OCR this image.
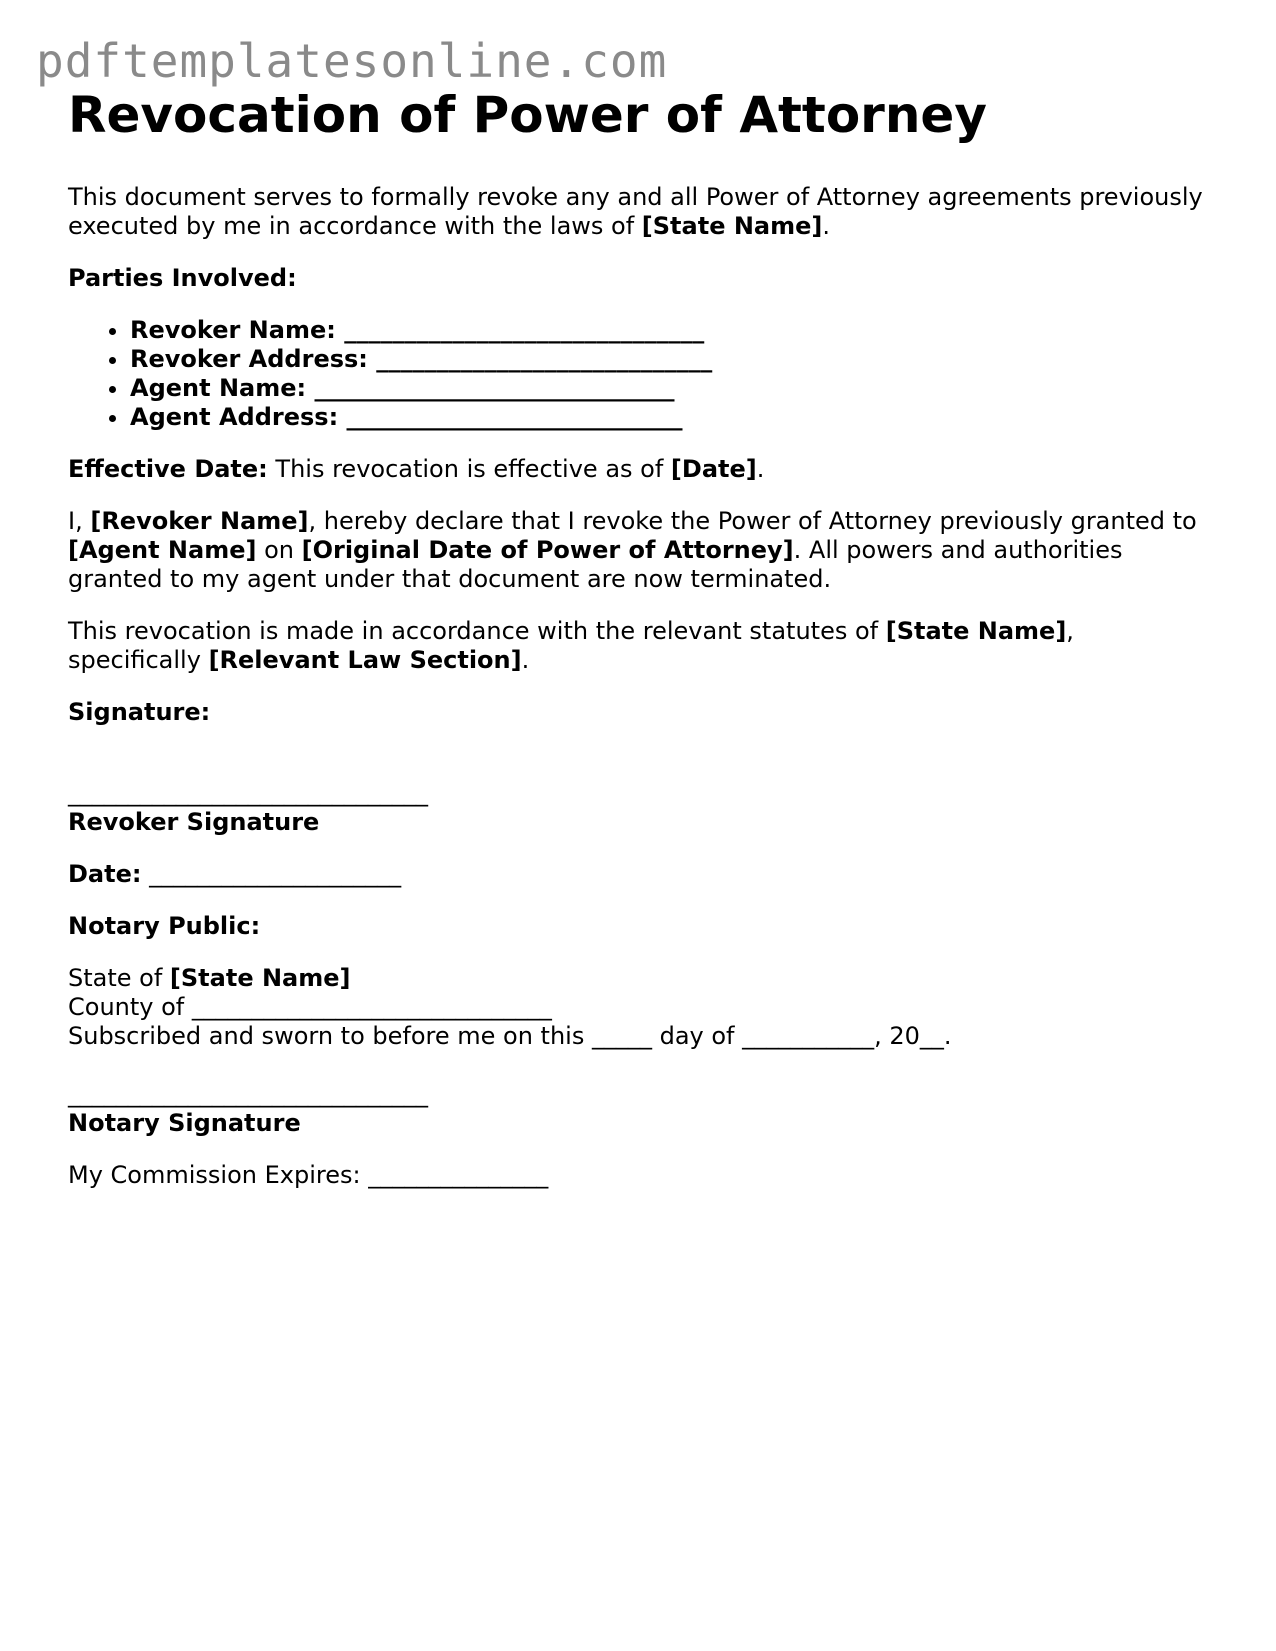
pdftemplatesonline.com
Revocation of Power of Attorney

This document serves to formally revoke any and all Power of Attorney agreements previously executed by me in accordance with the laws of [State Name].

Parties Involved:

• Revoker Name: ______________________________
• Revoker Address: ____________________________
• Agent Name: ______________________________
• Agent Address: ____________________________

Effective Date: This revocation is effective as of [Date].

I, [Revoker Name], hereby declare that I revoke the Power of Attorney previously granted to [Agent Name] on [Original Date of Power of Attorney]. All powers and authorities granted to my agent under that document are now terminated.

This revocation is made in accordance with the relevant statutes of [State Name], specifically [Relevant Law Section].

Signature:

______________________________

Revoker Signature

Date: _____________________

Notary Public:

State of [State Name]

County of ______________________________

Subscribed and sworn to before me on this _____ day of ___________, 20__.

______________________________

Notary Signature

My Commission Expires: _______________
